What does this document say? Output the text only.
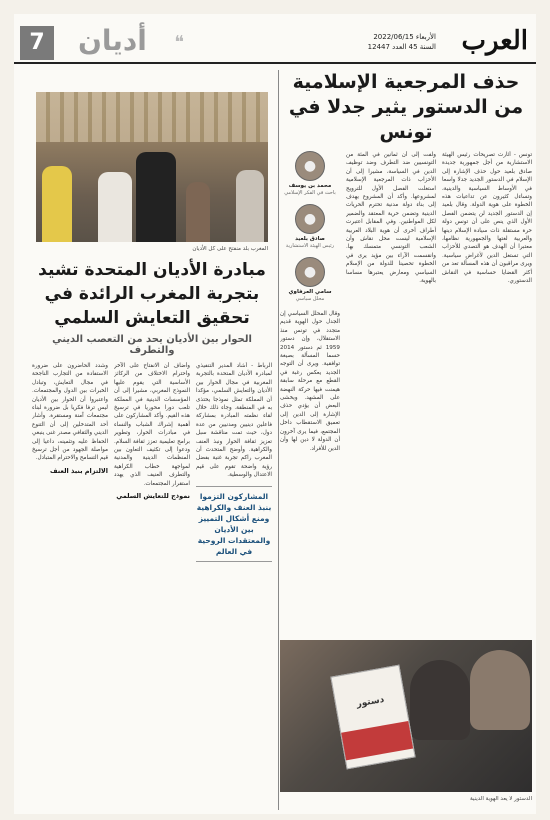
العرب
الأربعاء 2022/06/15
السنة 45 العدد 12447
❝
أديان
7
حذف المرجعية الإسلامية من الدستور يثير جدلا في تونس
تونس - أثارت تصريحات رئيس الهيئة الاستشارية من أجل جمهورية جديدة صادق بلعيد حول حذف الإشارة إلى الإسلام في الدستور الجديد جدلا واسعا في الأوساط السياسية والدينية، وتساءل كثيرون عن تداعيات هذه الخطوة على هوية الدولة. وقال بلعيد إن الدستور الجديد لن يتضمن الفصل الأول الذي ينص على أن تونس دولة حرة مستقلة ذات سيادة الإسلام دينها والعربية لغتها والجمهورية نظامها، معتبرا أن الهدف هو التصدي للأحزاب التي تستغل الدين لأغراض سياسية. ويرى مراقبون أن هذه المسألة تعد من أكثر القضايا حساسية في النقاش الدستوري.
ولفت إلى أن ثمانين في المئة من التونسيين ضد التطرف وضد توظيف الدين في السياسة، مشيرا إلى أن الأحزاب ذات المرجعية الإسلامية استغلت الفصل الأول للترويج لمشروعها. وأكد أن المشروع يهدف إلى بناء دولة مدنية تحترم الحريات الدينية وتضمن حرية المعتقد والضمير لكل المواطنين. وفي المقابل اعتبرت أطراف أخرى أن هوية البلاد العربية الإسلامية ليست محل نقاش وأن الشعب التونسي متمسك بها. وانقسمت الآراء بين مؤيد يرى في الخطوة تحصينا للدولة من الإسلام السياسي ومعارض يعتبرها مساسا بالهوية.
●
محمد بن يوسف
باحث في الفكر الإسلامي
●
صادق بلعيد
رئيس الهيئة الاستشارية
●
سامي العرفاوي
محلل سياسي
وقال المحلل السياسي إن الجدل حول الهوية قديم متجدد في تونس منذ الاستقلال، وإن دستور 1959 ثم دستور 2014 حسما المسألة بصيغة توافقية. ويرى أن التوجه الجديد يعكس رغبة في القطع مع مرحلة سابقة هيمنت فيها حركة النهضة على المشهد. ويخشى البعض أن يؤدي حذف الإشارة إلى الدين إلى تعميق الاستقطاب داخل المجتمع، فيما يرى آخرون أن الدولة لا دين لها وأن الدين للأفراد.
المغرب بلد منفتح على كل الأديان
مبادرة الأديان المتحدة تشيد بتجربة المغرب الرائدة في تحقيق التعايش السلمي
الحوار بين الأديان يحد من التعصب الديني والتطرف
الرباط - أشاد المدير التنفيذي لمبادرة الأديان المتحدة بالتجربة المغربية في مجال الحوار بين الأديان والتعايش السلمي، مؤكدا أن المملكة تمثل نموذجا يحتذى به في المنطقة. وجاء ذلك خلال لقاء نظمته المبادرة بمشاركة فاعلين دينيين ومدنيين من عدة دول، حيث تمت مناقشة سبل تعزيز ثقافة الحوار ونبذ العنف والكراهية. وأوضح المتحدث أن المغرب راكم تجربة غنية بفضل رؤية واضحة تقوم على قيم الاعتدال والوسطية.
المشاركون التزموا بنبذ العنف والكراهية ومنع أشكال التمييز بين الأديان والمعتقدات الروحية في العالم
وأضاف أن الانفتاح على الآخر واحترام الاختلاف من الركائز الأساسية التي يقوم عليها النموذج المغربي، مشيرا إلى أن المؤسسات الدينية في المملكة تلعب دورا محوريا في ترسيخ هذه القيم. وأكد المشاركون على أهمية إشراك الشباب والنساء في مبادرات الحوار، وتطوير برامج تعليمية تعزز ثقافة السلام. ودعوا إلى تكثيف التعاون بين المنظمات الدينية والمدنية لمواجهة خطاب الكراهية والتطرف العنيف الذي يهدد استقرار المجتمعات.
نموذج للتعايش السلمي
وشدد الحاضرون على ضرورة الاستفادة من التجارب الناجحة في مجال التعايش، وتبادل الخبرات بين الدول والمجتمعات. واعتبروا أن الحوار بين الأديان ليس ترفا فكريا بل ضرورة لبناء مجتمعات آمنة ومستقرة. وأشار أحد المتدخلين إلى أن التنوع الديني والثقافي مصدر غنى ينبغي الحفاظ عليه وتثمينه، داعيا إلى مواصلة الجهود من أجل ترسيخ قيم التسامح والاحترام المتبادل.
الالتزام بنبذ العنف
دستور
الدستور لا يعد الهوية الدينية
